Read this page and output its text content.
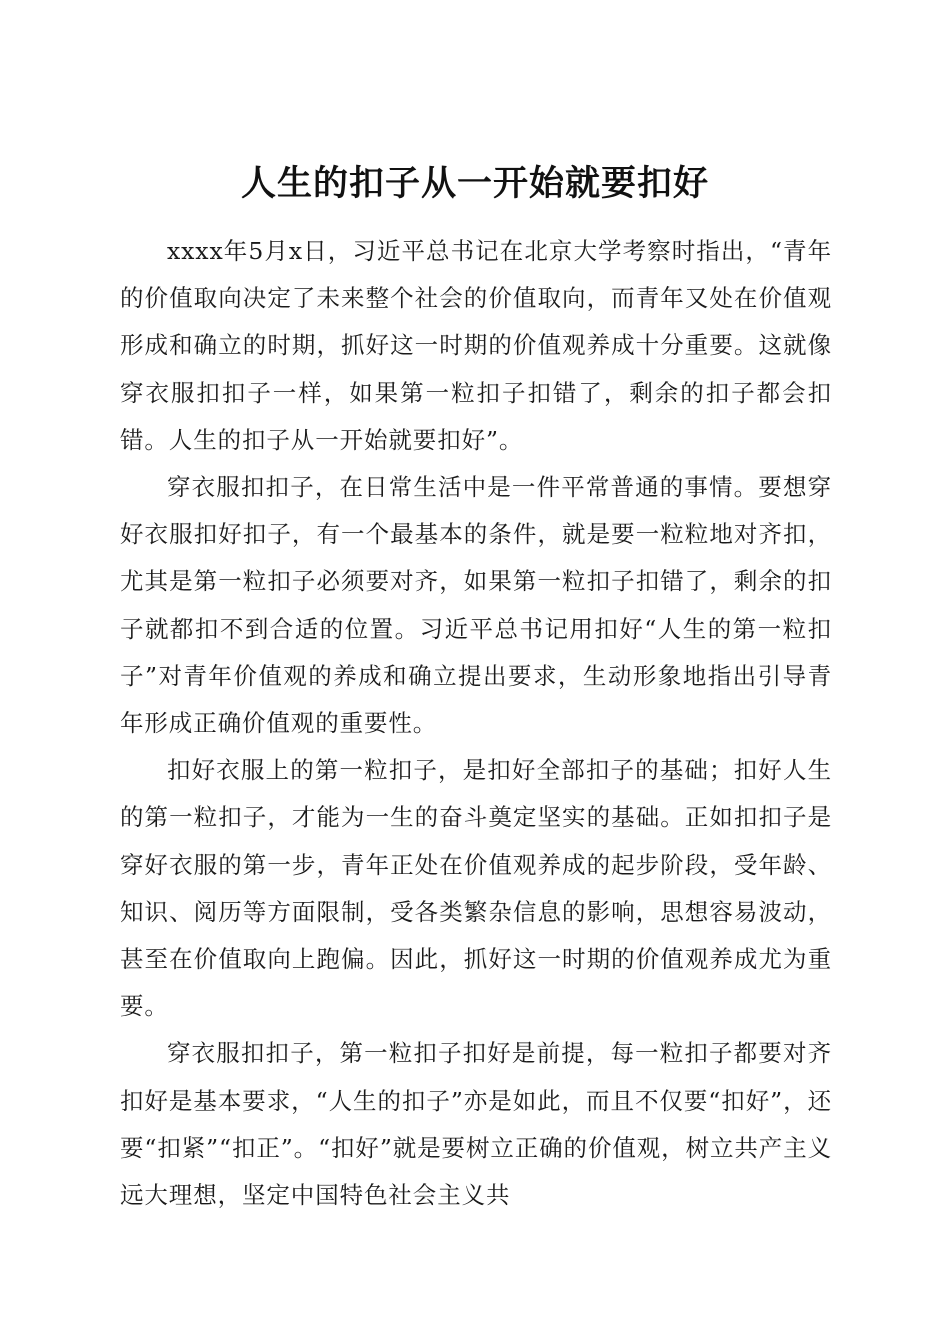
人生的扣子从一开始就要扣好

xxxx年5月x日，习近平总书记在北京大学考察时指出，“青年的价值取向决定了未来整个社会的价值取向，而青年又处在价值观形成和确立的时期，抓好这一时期的价值观养成十分重要。这就像穿衣服扣扣子一样，如果第一粒扣子扣错了，剩余的扣子都会扣错。人生的扣子从一开始就要扣好”。

穿衣服扣扣子，在日常生活中是一件平常普通的事情。要想穿好衣服扣好扣子，有一个最基本的条件，就是要一粒粒地对齐扣，尤其是第一粒扣子必须要对齐，如果第一粒扣子扣错了，剩余的扣子就都扣不到合适的位置。习近平总书记用扣好“人生的第一粒扣子”对青年价值观的养成和确立提出要求，生动形象地指出引导青年形成正确价值观的重要性。

扣好衣服上的第一粒扣子，是扣好全部扣子的基础；扣好人生的第一粒扣子，才能为一生的奋斗奠定坚实的基础。正如扣扣子是穿好衣服的第一步，青年正处在价值观养成的起步阶段，受年龄、知识、阅历等方面限制，受各类繁杂信息的影响，思想容易波动，甚至在价值取向上跑偏。因此，抓好这一时期的价值观养成尤为重要。

穿衣服扣扣子，第一粒扣子扣好是前提，每一粒扣子都要对齐扣好是基本要求，“人生的扣子”亦是如此，而且不仅要“扣好”，还要“扣紧”“扣正”。“扣好”就是要树立正确的价值观，树立共产主义远大理想，坚定中国特色社会主义共
